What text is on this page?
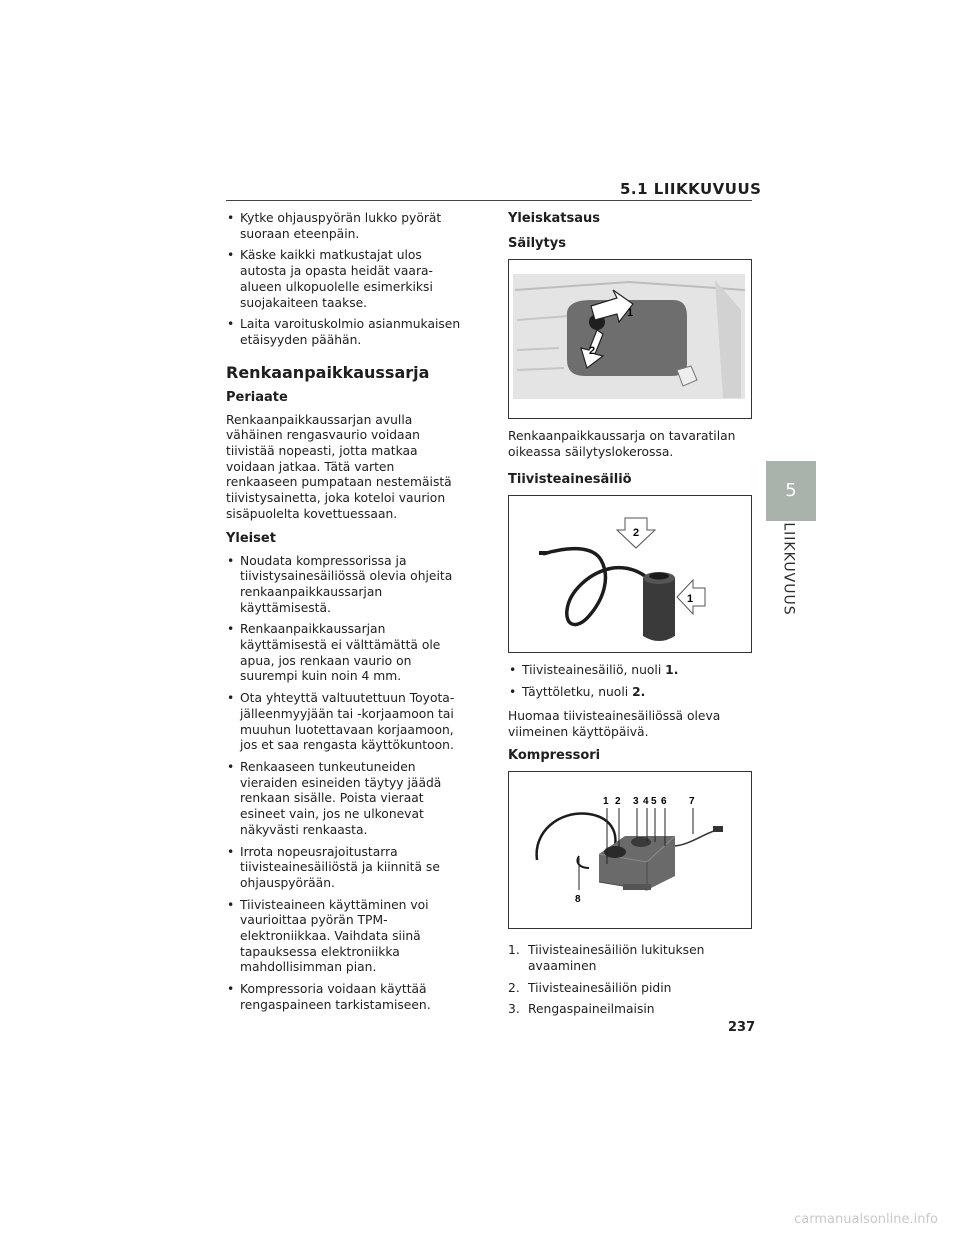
5.1 LIIKKUVUUS
• Kytke ohjauspyörän lukko pyörät suoraan eteenpäin.
• Käske kaikki matkustajat ulos autosta ja opasta heidät vaara-alueen ulkopuolelle esimerkiksi suojakaiteen taakse.
• Laita varoituskolmio asianmukaisen etäisyyden päähän.
Renkaanpaikkaussarja
Periaate

Renkaanpaikkaussarjan avulla vähäinen rengasvaurio voidaan tiivistää nopeasti, jotta matkaa voidaan jatkaa. Tätä varten renkaaseen pumpataan nestemäistä tiivistysainetta, joka koteloi vaurion sisäpuolelta kovettuessaan.

Yleiset
• Noudata kompressorissa ja tiivistysainesäiliössä olevia ohjeita renkaanpaikkaussarjan käyttämisestä.
• Renkaanpaikkaussarjan käyttämisestä ei välttämättä ole apua, jos renkaan vaurio on suurempi kuin noin 4 mm.
• Ota yhteyttä valtuutettuun Toyota-jälleenmyyjään tai -korjaamoon tai muuhun luotettavaan korjaamoon, jos et saa rengasta käyttökuntoon.
• Renkaaseen tunkeutuneiden vieraiden esineiden täytyy jäädä renkaan sisälle. Poista vieraat esineet vain, jos ne ulkonevat näkyvästi renkaasta.
• Irrota nopeusrajoitustarra tiivisteainesäiliöstä ja kiinnitä se ohjauspyörään.
• Tiivisteaineen käyttäminen voi vaurioittaa pyörän TPM-elektroniikkaa. Vaihdata siinä tapauksessa elektroniikka mahdollisimman pian.
• Kompressoria voidaan käyttää rengaspaineen tarkistamiseen.
Yleiskatsaus
Säilytys
1
2

Renkaanpaikkaussarja on tavaratilan oikeassa säilytyslokerossa.

Tiivisteainesäiliö
2
1
• Tiivisteainesäiliö, nuoli 1.
• Täyttöletku, nuoli 2.

Huomaa tiivisteainesäiliössä oleva viimeinen käyttöpäivä.

Kompressori
1 2 3 4 5 6 7
8
1. Tiivisteainesäiliön lukituksen avaaminen
2. Tiivisteainesäiliön pidin
3. Rengaspaineilmaisin
5
LIIKKUVUUS
237
carmanualsonline.info
